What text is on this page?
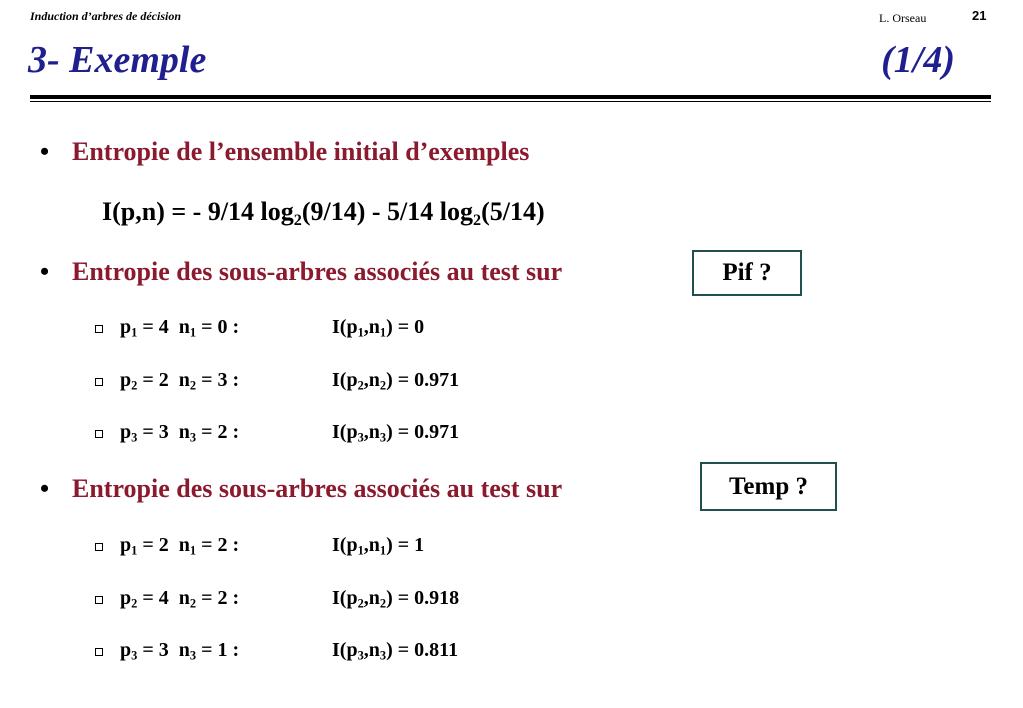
Induction d’arbres de décision	L. Orseau	21
3- Exemple	(1/4)
• Entropie de l’ensemble initial d’exemples
I(p,n) = - 9/14 $\log_2(9/14) - 5/14$ $\log_2(5/14)$
• Entropie des sous-arbres associés au test sur	Pif ?
$p_1 = 4$ $n_1 = 0$ :	$I(p_1,n_1) = 0$
$p_2 = 2$ $n_2 = 3$ :	$I(p_2,n_2) = 0.971$
$p_3 = 3$ $n_3 = 2$ :	$I(p_3,n_3) = 0.971$
• Entropie des sous-arbres associés au test sur	Temp ?
$p_1 = 2$ $n_1 = 2$ :	$I(p_1,n_1) = 1$
$p_2 = 4$ $n_2 = 2$ :	$I(p_2,n_2) = 0.918$
$p_3 = 3$ $n_3 = 1$ :	$I(p_3,n_3) = 0.811$
